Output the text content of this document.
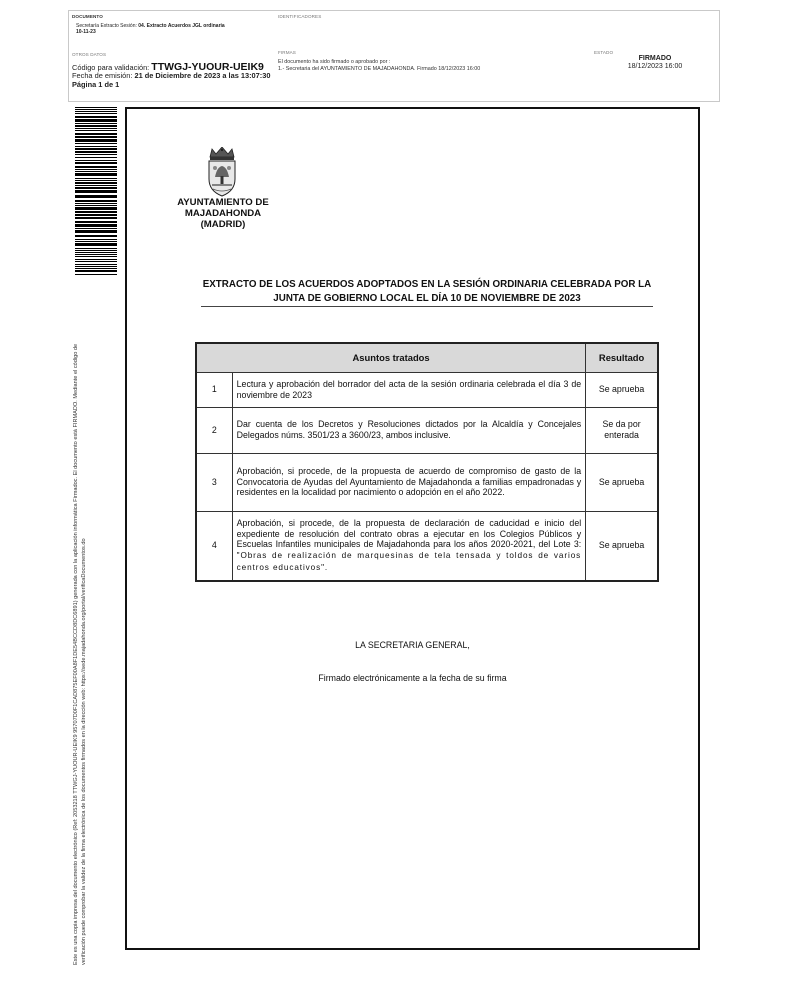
DOCUMENTO
Secretaría Extracto Sesión: 04. Extracto Acuerdos JGL ordinaria
10-11-23
IDENTIFICADORES
OTROS DATOS
Código para validación: TTWGJ-YUOUR-UEIK9
Fecha de emisión: 21 de Diciembre de 2023 a las 13:07:30
Página 1 de 1
FIRMAS
El documento ha sido firmado o aprobado por :
1.- Secretaria del AYUNTAMIENTO DE MAJADAHONDA. Firmado 18/12/2023 16:00
ESTADO
FIRMADO
18/12/2023 16:00
Este es una copia impresa del documento electrónico (Ref: 2053218 TTWGJ-YUOUR-UEIK9 95707D0F1CAD875EF00A8F1DE54BCCD8DC6891) generada con la aplicación informática Firmadoc. El documento está FIRMADO. Mediante el código de verificación puede comprobar la validez de la firma electrónica de los documentos firmados en la dirección web: https://sede.majadahonda.org/portal/verificaDocumentos.do
AYUNTAMIENTO DE
MAJADAHONDA
(MADRID)
EXTRACTO DE LOS ACUERDOS ADOPTADOS EN LA SESIÓN ORDINARIA CELEBRADA POR LA JUNTA DE GOBIERNO LOCAL EL DÍA 10 DE NOVIEMBRE DE 2023
Asuntos tratados		Resultado
1	Lectura y aprobación del borrador del acta de la sesión ordinaria celebrada el día 3 de noviembre de 2023	Se aprueba
2	Dar cuenta de los Decretos y Resoluciones dictados por la Alcaldía y Concejales Delegados núms. 3501/23 a 3600/23, ambos inclusive.	Se da por enterada
3	Aprobación, si procede, de la propuesta de acuerdo de compromiso de gasto de la Convocatoria de Ayudas del Ayuntamiento de Majadahonda a familias empadronadas y residentes en la localidad por nacimiento o adopción en el año 2022.	Se aprueba
4	Aprobación, si procede, de la propuesta de declaración de caducidad e inicio del expediente de resolución del contrato obras a ejecutar en los Colegios Públicos y Escuelas Infantiles municipales de Majadahonda para los años 2020-2021, del Lote 3: "Obras de realización de marquesinas de tela tensada y toldos de varios centros educativos".	Se aprueba
LA SECRETARIA GENERAL,
Firmado electrónicamente a la fecha de su firma
